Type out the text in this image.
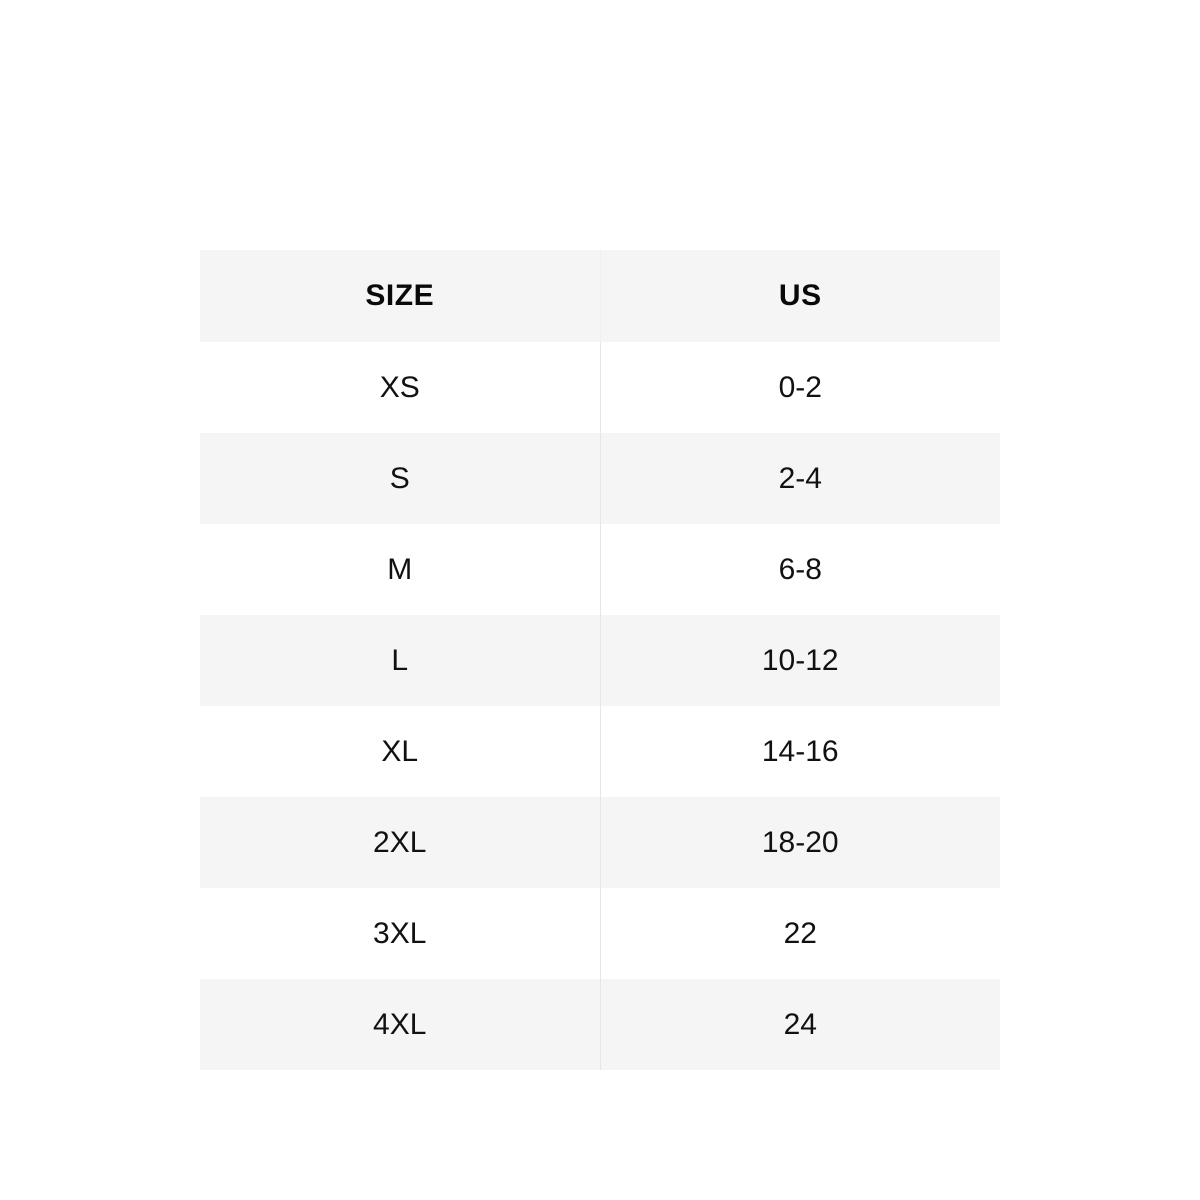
SIZE	US
XS	0-2
S	2-4
M	6-8
L	10-12
XL	14-16
2XL	18-20
3XL	22
4XL	24
